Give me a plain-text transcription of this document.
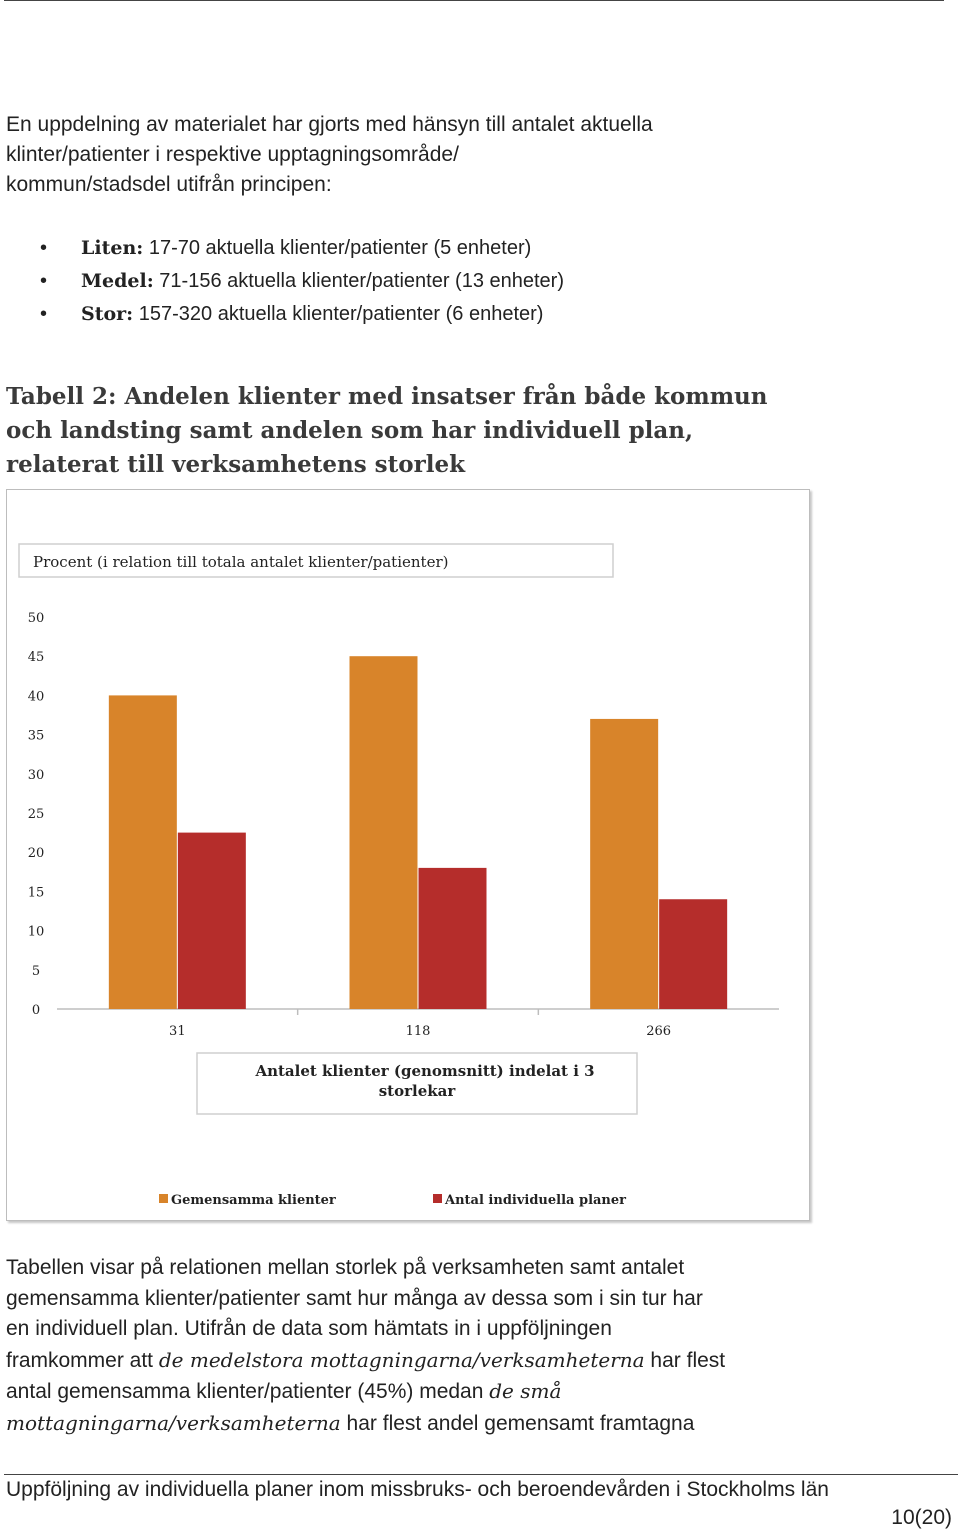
En uppdelning av materialet har gjorts med hänsyn till antalet aktuella
klinter/patienter i respektive upptagningsområde/
kommun/stadsdel utifrån principen:
• Liten: 17-70 aktuella klienter/patienter (5 enheter)
• Medel: 71-156 aktuella klienter/patienter (13 enheter)
• Stor: 157-320 aktuella klienter/patienter (6 enheter)
Tabell 2: Andelen klienter med insatser från både kommun
och landsting samt andelen som har individuell plan,
relaterat till verksamhetens storlek
Procent (i relation till totala antalet klienter/patienter)
0
5
10
15
20
25
30
35
40
45
50
31	118	266
Antalet klienter (genomsnitt) indelat i 3
storlekar
Gemensamma klienter	Antal individuella planer
Tabellen visar på relationen mellan storlek på verksamheten samt antalet
gemensamma klienter/patienter samt hur många av dessa som i sin tur har
en individuell plan. Utifrån de data som hämtats in i uppföljningen
framkommer att de medelstora mottagningarna/verksamheterna har flest
antal gemensamma klienter/patienter (45%) medan de små
mottagningarna/verksamheterna har flest andel gemensamt framtagna
Uppföljning av individuella planer inom missbruks- och beroendevården i Stockholms län
10(20)
